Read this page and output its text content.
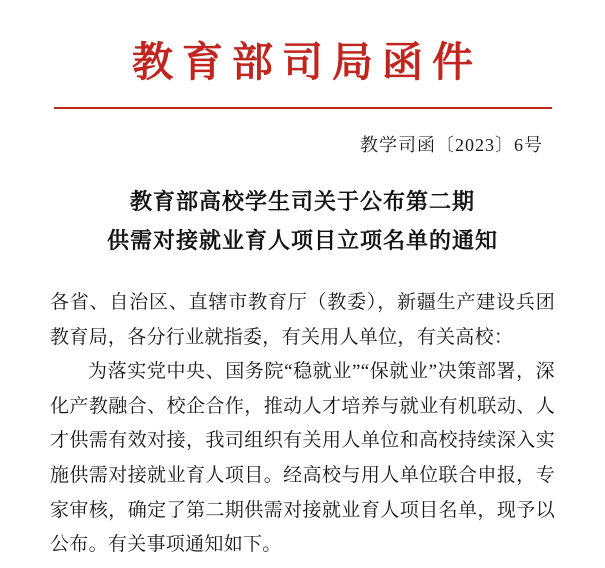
教育部司局函件
教学司函〔2023〕6号
教育部高校学生司关于公布第二期
供需对接就业育人项目立项名单的通知

各省、自治区、直辖市教育厅（教委），新疆生产建设兵团教育局，各分行业就指委，有关用人单位，有关高校：

为落实党中央、国务院“稳就业”“保就业”决策部署，深化产教融合、校企合作，推动人才培养与就业有机联动、人才供需有效对接，我司组织有关用人单位和高校持续深入实施供需对接就业育人项目。经高校与用人单位联合申报，专家审核，确定了第二期供需对接就业育人项目名单，现予以公布。有关事项通知如下。
